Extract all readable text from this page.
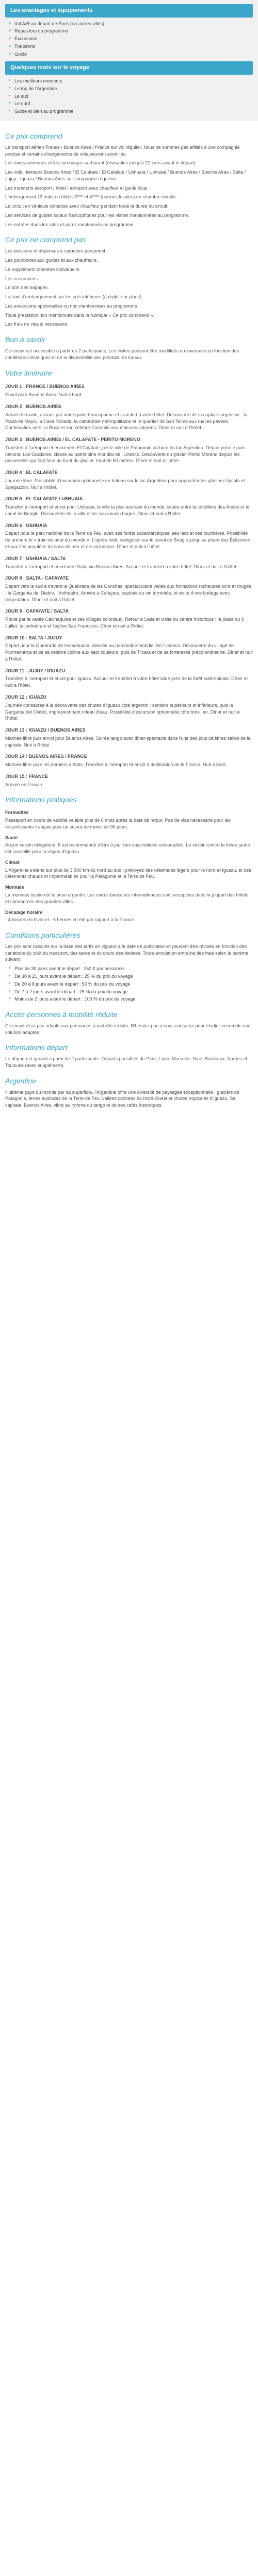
Les avantages et équipements
✔ Vol A/R au départ de Paris (ou autres villes)
✔ Repas lors du programme
✔ Excursions
✔ Transferts
✔ Guide
Quelques mots sur le voyage
● Les meilleurs moments
● Le top de l'Argentine
● Le sud
● Le nord
● Guide et bien au programme
Ce prix comprend

Le transport aérien France / Buenos Aires / France sur vol régulier. Nous ne sommes pas affiliés à une compagnie précise et certains changements de vols peuvent avoir lieu.

Les taxes aériennes et les surcharges carburant (révisables jusqu'à 21 jours avant le départ).

Les vols intérieurs Buenos Aires / El Calafate / El Calafate / Ushuaia / Ushuaia / Buenos Aires / Buenos Aires / Salta / Jujuy - Iguazu / Buenos Aires sur compagnie régulière.

Les transferts aéroport / hôtel / aéroport avec chauffeur et guide local.

L'hébergement 13 nuits en hôtels 3*** et 4**** (normes locales) en chambre double.

Le circuit en véhicule climatisé avec chauffeur pendant toute la durée du circuit.

Les services de guides locaux francophones pour les visites mentionnées au programme.

Les entrées dans les sites et parcs mentionnés au programme.

Ce prix ne comprend pas

Les boissons et dépenses à caractère personnel.

Les pourboires aux guides et aux chauffeurs.

Le supplément chambre individuelle.

Les assurances.

Le port des bagages.

La taxe d'embarquement sur les vols intérieurs (à régler sur place).

Les excursions optionnelles ou non mentionnées au programme.

Toute prestation non mentionnée dans la rubrique « Ce prix comprend ».

Les frais de visa si nécessaire.

Bon à savoir

Ce circuit est accessible à partir de 2 participants. Les visites peuvent être modifiées ou inversées en fonction des conditions climatiques et de la disponibilité des prestataires locaux.

Votre itinéraire
JOUR 1 : FRANCE / BUENOS AIRES

Envol pour Buenos Aires. Nuit à bord.

JOUR 2 : BUENOS AIRES

Arrivée le matin, accueil par votre guide francophone et transfert à votre hôtel. Découverte de la capitale argentine : la Plaza de Mayo, la Casa Rosada, la cathédrale métropolitaine et le quartier de San Telmo aux ruelles pavées. Continuation vers La Boca et son célèbre Caminito aux maisons colorées. Dîner et nuit à l'hôtel.

JOUR 3 : BUENOS AIRES / EL CALAFATE - PERITO MORENO

Transfert à l'aéroport et envol vers El Calafate, petite ville de Patagonie au bord du lac Argentino. Départ pour le parc national Los Glaciares, classé au patrimoine mondial de l'Unesco. Découverte du glacier Perito Moreno depuis les passerelles qui font face au front du glacier, haut de 60 mètres. Dîner et nuit à l'hôtel.

JOUR 4 : EL CALAFATE

Journée libre. Possibilité d'excursion optionnelle en bateau sur le lac Argentino pour approcher les glaciers Upsala et Spegazzini. Nuit à l'hôtel.

JOUR 5 : EL CALAFATE / USHUAIA

Transfert à l'aéroport et envol pour Ushuaia, la ville la plus australe du monde, située entre la cordillère des Andes et le canal de Beagle. Découverte de la ville et de son ancien bagne. Dîner et nuit à l'hôtel.

JOUR 6 : USHUAIA

Départ pour le parc national de la Terre de Feu, avec ses forêts subantarctiques, ses lacs et ses tourbières. Possibilité de prendre le « train du bout du monde ». L'après-midi, navigation sur le canal de Beagle jusqu'au phare des Éclaireurs et aux îles peuplées de lions de mer et de cormorans. Dîner et nuit à l'hôtel.

JOUR 7 : USHUAIA / SALTA

Transfert à l'aéroport et envol vers Salta via Buenos Aires. Accueil et transfert à votre hôtel. Dîner et nuit à l'hôtel.

JOUR 8 : SALTA - CAFAYATE

Départ vers le sud à travers la Quebrada de las Conchas, spectaculaire vallée aux formations rocheuses ocre et rouges : la Garganta del Diablo, l'Anfiteatro. Arrivée à Cafayate, capitale du vin torrontés, et visite d'une bodega avec dégustation. Dîner et nuit à l'hôtel.

JOUR 9 : CAFAYATE / SALTA

Route par la vallée Calchaquíes et ses villages coloniaux. Retour à Salta et visite du centre historique : la place du 9 Juillet, la cathédrale et l'église San Francisco. Dîner et nuit à l'hôtel.

JOUR 10 : SALTA / JUJUY

Départ pour la Quebrada de Humahuaca, classée au patrimoine mondial de l'Unesco. Découverte du village de Purmamarca et de sa célèbre colline aux sept couleurs, puis de Tilcara et de sa forteresse précolombienne. Dîner et nuit à l'hôtel.

JOUR 11 : JUJUY / IGUAZU

Transfert à l'aéroport et envol pour Iguazu. Accueil et transfert à votre hôtel situé près de la forêt subtropicale. Dîner et nuit à l'hôtel.

JOUR 12 : IGUAZU

Journée consacrée à la découverte des chutes d'Iguazu côté argentin : sentiers supérieurs et inférieurs, puis la Garganta del Diablo, impressionnant rideau d'eau. Possibilité d'excursion optionnelle côté brésilien. Dîner et nuit à l'hôtel.

JOUR 13 : IGUAZU / BUENOS AIRES

Matinée libre puis envol pour Buenos Aires. Soirée tango avec dîner-spectacle dans l'une des plus célèbres salles de la capitale. Nuit à l'hôtel.

JOUR 14 : BUENOS AIRES / FRANCE

Matinée libre pour les derniers achats. Transfert à l'aéroport et envol à destination de la France. Nuit à bord.

JOUR 15 : FRANCE

Arrivée en France.

Informations pratiques
Formalités

Passeport en cours de validité valable plus de 6 mois après la date de retour. Pas de visa nécessaire pour les ressortissants français pour un séjour de moins de 90 jours.

Santé

Aucun vaccin obligatoire. Il est recommandé d'être à jour des vaccinations universelles. Le vaccin contre la fièvre jaune est conseillé pour la région d'Iguazu.

Climat

L'Argentine s'étend sur plus de 3 500 km du nord au sud : prévoyez des vêtements légers pour le nord et Iguazu, et des vêtements chauds et imperméables pour la Patagonie et la Terre de Feu.

Monnaie

La monnaie locale est le peso argentin. Les cartes bancaires internationales sont acceptées dans la plupart des hôtels et commerces des grandes villes.

Décalage horaire

- 4 heures en hiver et - 5 heures en été par rapport à la France.

Conditions particulières

Les prix sont calculés sur la base des tarifs en vigueur à la date de publication et peuvent être révisés en fonction des variations du coût du transport, des taxes et du cours des devises. Toute annulation entraîne des frais selon le barème suivant :

● Plus de 30 jours avant le départ : 150 € par personne
● De 30 à 21 jours avant le départ : 25 % du prix du voyage
● De 20 à 8 jours avant le départ : 50 % du prix du voyage
● De 7 à 2 jours avant le départ : 75 % du prix du voyage
● Moins de 2 jours avant le départ : 100 % du prix du voyage
Accès personnes à mobilité réduite

Ce circuit n'est pas adapté aux personnes à mobilité réduite. N'hésitez pas à nous contacter pour étudier ensemble une solution adaptée.

Informations départ

Le départ est garanti à partir de 2 participants. Départs possibles de Paris, Lyon, Marseille, Nice, Bordeaux, Nantes et Toulouse (avec supplément).

Argentine

Huitième pays du monde par sa superficie, l'Argentine offre une diversité de paysages exceptionnelle : glaciers de Patagonie, terres australes de la Terre de Feu, vallées colorées du Nord-Ouest et chutes tropicales d'Iguazu. Sa capitale, Buenos Aires, vibre au rythme du tango et de ses cafés historiques.
